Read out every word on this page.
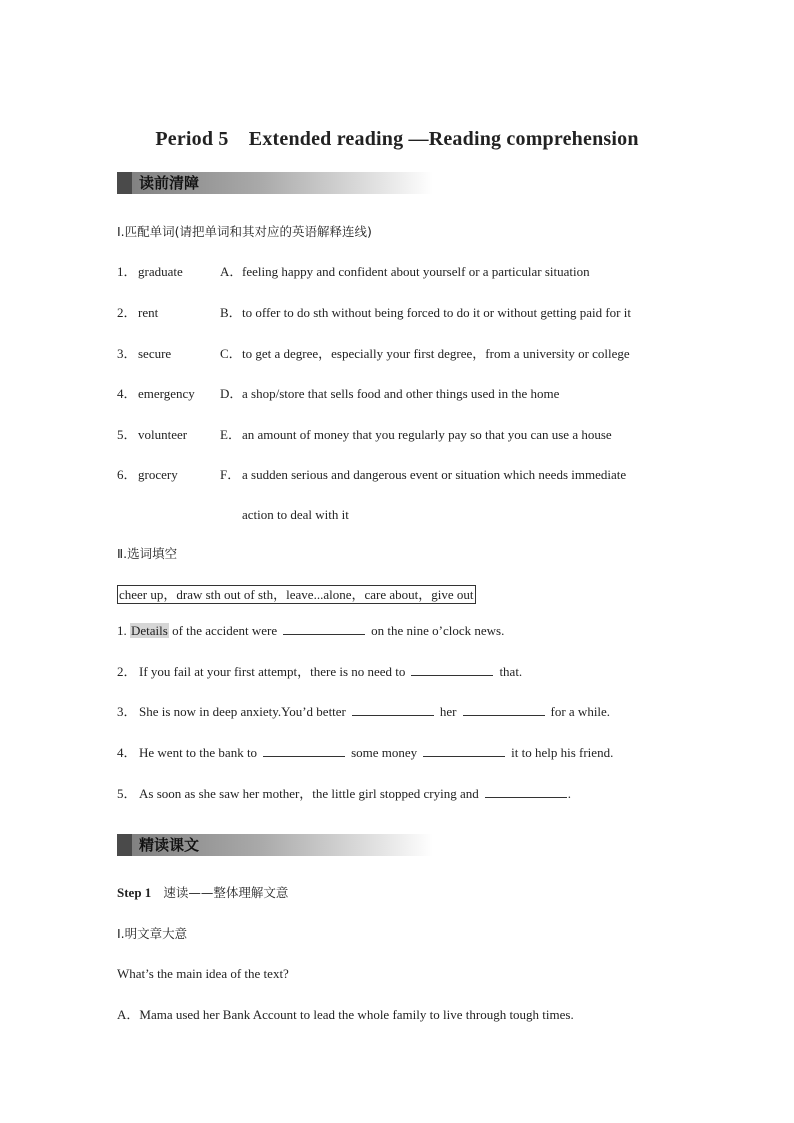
Period 5　Extended reading —Reading comprehension
读前清障
Ⅰ.匹配单词(请把单词和其对应的英语解释连线)
1． graduate	A．feeling happy and confident about yourself or a particular situation
2． rent	B．to offer to do sth without being forced to do it or without getting paid for it
3． secure	C．to get a degree，especially your first degree，from a university or college
4． emergency D．a shop/store that sells food and other things used in the home
5． volunteer	E．an amount of money that you regularly pay so that you can use a house
6． grocery	F． a sudden serious and dangerous event or situation which needs immediate
action to deal with it
Ⅱ.选词填空
cheer up，draw sth out of sth，leave...alone，care about，give out
1. Details of the accident were	on the nine o’clock news.
2． If you fail at your first attempt，there is no need to	that.
3． She is now in deep anxiety.You’d better	her	for a while.
4． He went to the bank to	some money	it to help his friend.
5． As soon as she saw her mother，the little girl stopped crying and	.
精读课文
Step 1 速读——整体理解文意
Ⅰ.明文章大意
What’s the main idea of the text?
A．Mama used her Bank Account to lead the whole family to live through tough times.
